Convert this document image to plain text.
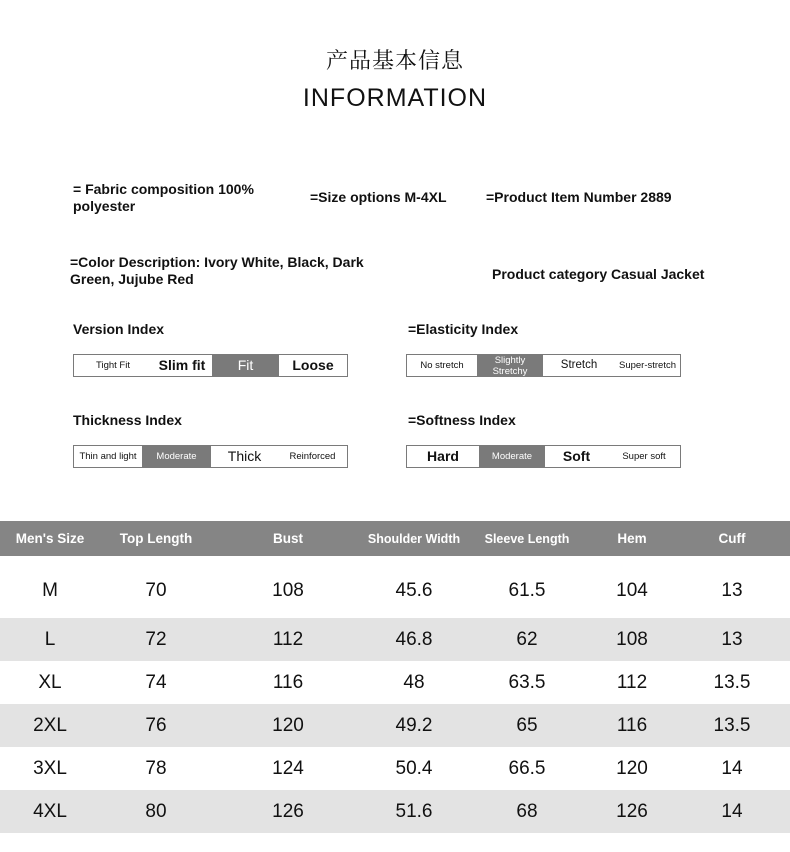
产品基本信息
INFORMATION
= Fabric composition 100% polyester
=Size options M-4XL	=Product Item Number 2889
=Color Description: Ivory White, Black, Dark Green, Jujube Red	Product category Casual Jacket
Version Index
Tight Fit	Slim fit	Fit	Loose
=Elasticity Index
No stretch	Slightly Stretchy	Stretch	Super-stretch
Thickness Index
Thin and light	Moderate	Thick	Reinforced
=Softness Index
Hard	Moderate	Soft	Super soft
Men's Size	Top Length	Bust	Shoulder Width	Sleeve Length	Hem	Cuff
M	70	108	45.6	61.5	104	13
L	72	112	46.8	62	108	13
XL	74	116	48	63.5	112	13.5
2XL	76	120	49.2	65	116	13.5
3XL	78	124	50.4	66.5	120	14
4XL	80	126	51.6	68	126	14
